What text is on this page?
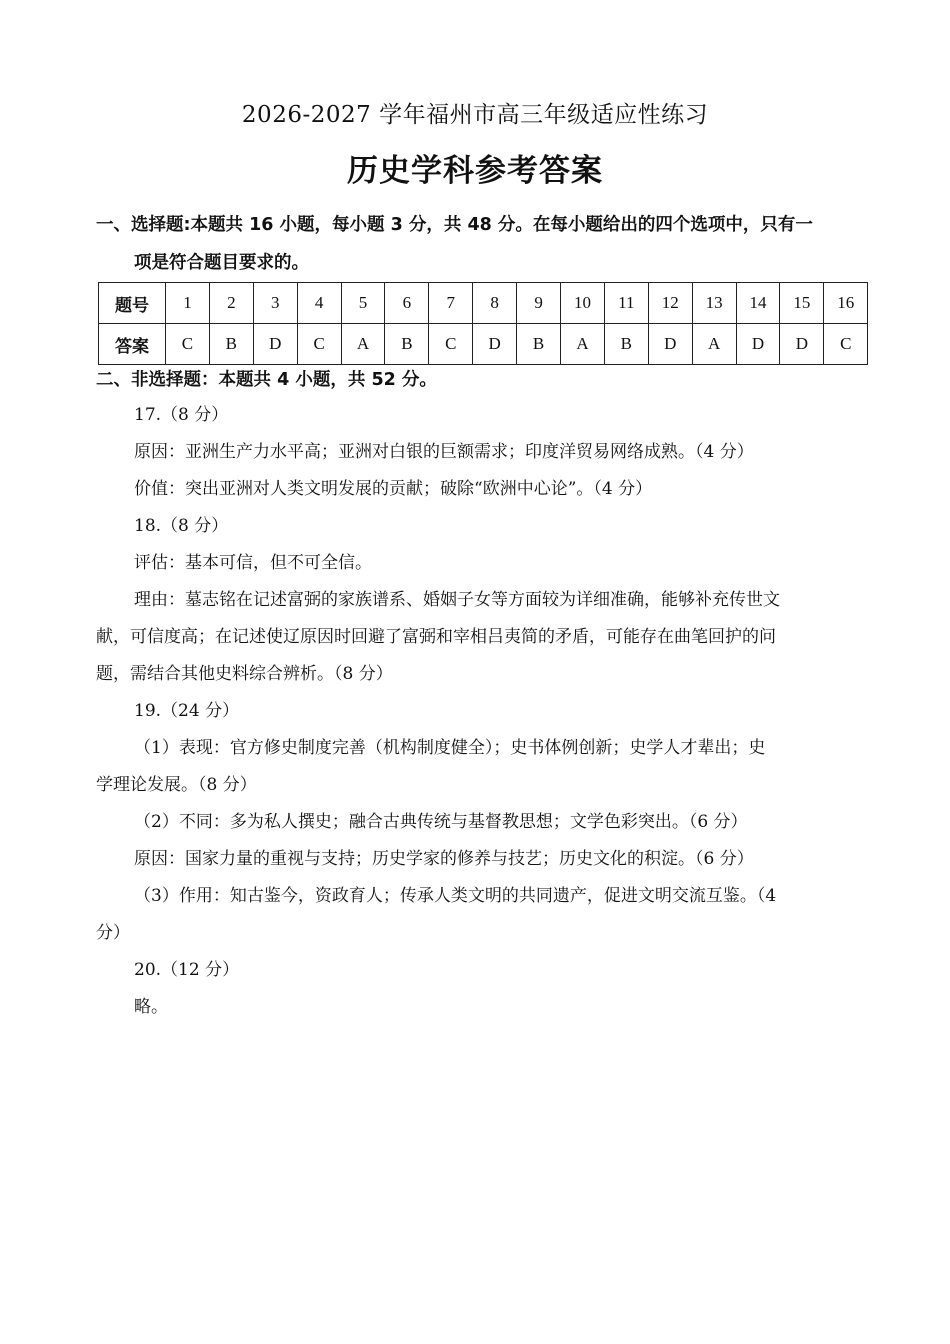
2026-2027 学年福州市高三年级适应性练习
历史学科参考答案
一、选择题:本题共 16 小题，每小题 3 分，共 48 分。在每小题给出的四个选项中，只有一
项是符合题目要求的。
题号	1	2	3	4	5	6	7	8	9	10	11	12	13	14	15	16
答案	C	B	D	C	A	B	C	D	B	A	B	D	A	D	D	C
二、非选择题：本题共 4 小题，共 52 分。

17.（8 分）

原因：亚洲生产力水平高；亚洲对白银的巨额需求；印度洋贸易网络成熟。（4 分）

价值：突出亚洲对人类文明发展的贡献；破除“欧洲中心论”。（4 分）

18.（8 分）

评估：基本可信，但不可全信。

理由：墓志铭在记述富弼的家族谱系、婚姻子女等方面较为详细准确，能够补充传世文

献，可信度高；在记述使辽原因时回避了富弼和宰相吕夷简的矛盾，可能存在曲笔回护的问

题，需结合其他史料综合辨析。（8 分）

19.（24 分）

（1）表现：官方修史制度完善（机构制度健全）；史书体例创新；史学人才辈出；史

学理论发展。（8 分）

（2）不同：多为私人撰史；融合古典传统与基督教思想；文学色彩突出。（6 分）

原因：国家力量的重视与支持；历史学家的修养与技艺；历史文化的积淀。（6 分）

（3）作用：知古鉴今，资政育人；传承人类文明的共同遗产，促进文明交流互鉴。（4

分）

20.（12 分）

略。
